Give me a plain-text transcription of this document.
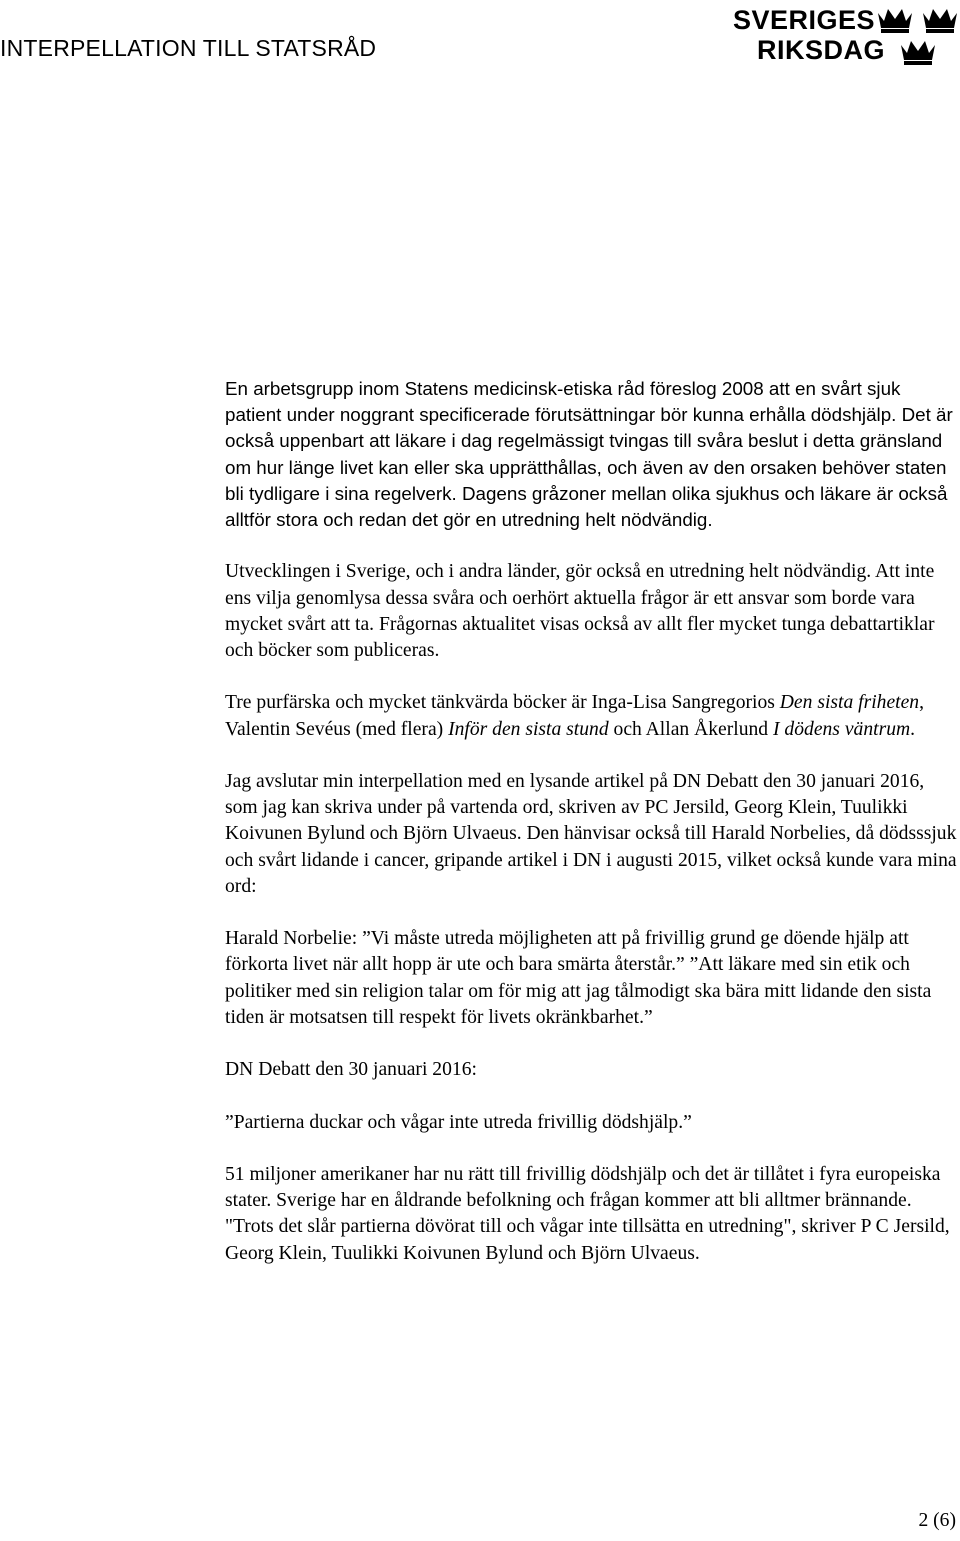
INTERPELLATION TILL STATSRÅD
SVERIGES
RIKSDAG

En arbetsgrupp inom Statens medicinsk-etiska råd föreslog 2008 att en svårt sjuk patient under noggrant specificerade förutsättningar bör kunna erhålla dödshjälp. Det är också uppenbart att läkare i dag regelmässigt tvingas till svåra beslut i detta gränsland om hur länge livet kan eller ska upprätthållas, och även av den orsaken behöver staten bli tydligare i sina regelverk. Dagens gråzoner mellan olika sjukhus och läkare är också alltför stora och redan det gör en utredning helt nödvändig.

Utvecklingen i Sverige, och i andra länder, gör också en utredning helt nödvändig. Att inte ens vilja genomlysa dessa svåra och oerhört aktuella frågor är ett ansvar som borde vara mycket svårt att ta. Frågornas aktualitet visas också av allt fler mycket tunga debattartiklar och böcker som publiceras.

Tre purfärska och mycket tänkvärda böcker är Inga-Lisa Sangregorios Den sista friheten, Valentin Sevéus (med flera) Inför den sista stund och Allan Åkerlund I dödens väntrum.

Jag avslutar min interpellation med en lysande artikel på DN Debatt den 30 januari 2016, som jag kan skriva under på vartenda ord, skriven av PC Jersild, Georg Klein, Tuulikki Koivunen Bylund och Björn Ulvaeus. Den hänvisar också till Harald Norbelies, då dödsssjuk och svårt lidande i cancer, gripande artikel i DN i augusti 2015, vilket också kunde vara mina ord:

Harald Norbelie: ”Vi måste utreda möjligheten att på frivillig grund ge döende hjälp att förkorta livet när allt hopp är ute och bara smärta återstår.” ”Att läkare med sin etik och politiker med sin religion talar om för mig att jag tålmodigt ska bära mitt lidande den sista tiden är motsatsen till respekt för livets okränkbarhet.”

DN Debatt den 30 januari 2016:

”Partierna duckar och vågar inte utreda frivillig dödshjälp.”

51 miljoner amerikaner har nu rätt till frivillig dödshjälp och det är tillåtet i fyra europeiska stater. Sverige har en åldrande befolkning och frågan kommer att bli alltmer brännande. "Trots det slår partierna dövörat till och vågar inte tillsätta en utredning", skriver P C Jersild, Georg Klein, Tuulikki Koivunen Bylund och Björn Ulvaeus.

2 (6)
